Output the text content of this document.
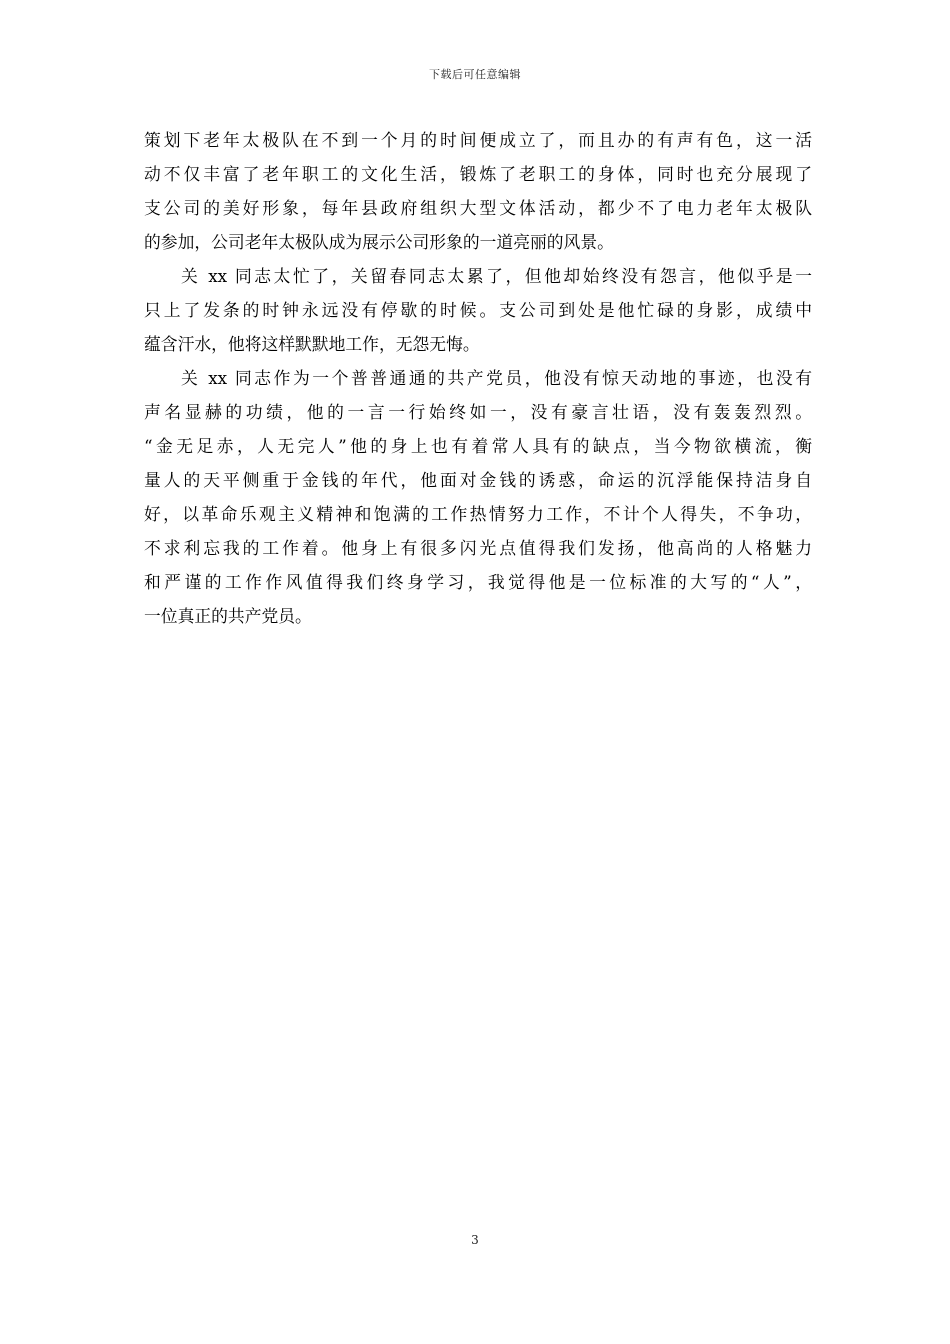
下载后可任意编辑
策划下老年太极队在不到一个月的时间便成立了，而且办的有声有色，这一活
动不仅丰富了老年职工的文化生活，锻炼了老职工的身体，同时也充分展现了
支公司的美好形象，每年县政府组织大型文体活动，都少不了电力老年太极队
的参加，公司老年太极队成为展示公司形象的一道亮丽的风景。
关 xx 同志太忙了，关留春同志太累了，但他却始终没有怨言，他似乎是一
只上了发条的时钟永远没有停歇的时候。支公司到处是他忙碌的身影，成绩中
蕴含汗水，他将这样默默地工作，无怨无悔。
关 xx 同志作为一个普普通通的共产党员，他没有惊天动地的事迹，也没有
声名显赫的功绩，他的一言一行始终如一，没有豪言壮语，没有轰轰烈烈。
“金无足赤，人无完人”他的身上也有着常人具有的缺点，当今物欲横流，衡
量人的天平侧重于金钱的年代，他面对金钱的诱惑，命运的沉浮能保持洁身自
好，以革命乐观主义精神和饱满的工作热情努力工作，不计个人得失，不争功，
不求利忘我的工作着。他身上有很多闪光点值得我们发扬，他高尚的人格魅力
和严谨的工作作风值得我们终身学习，我觉得他是一位标准的大写的“人”，
一位真正的共产党员。
3
